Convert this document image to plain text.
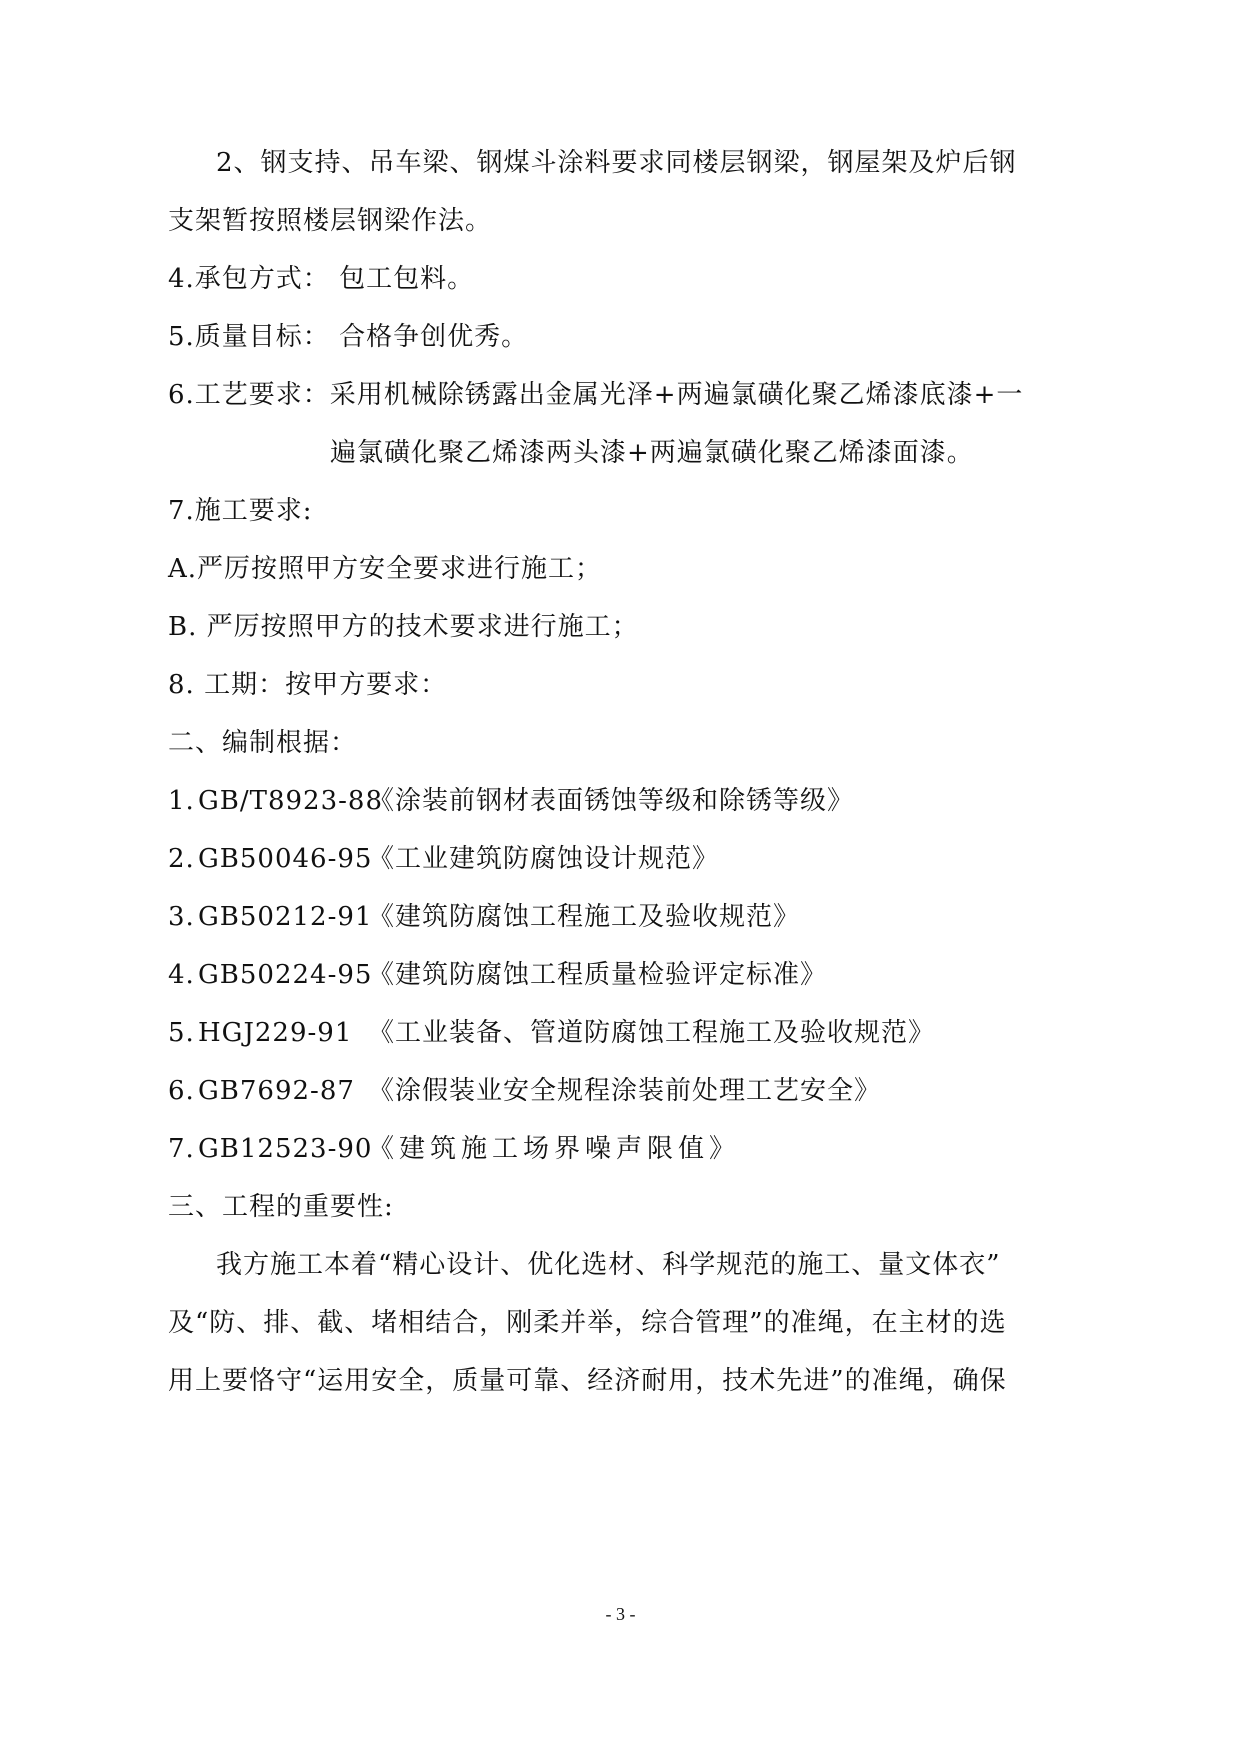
2、钢支持、吊车梁、钢煤斗涂料要求同楼层钢梁，钢屋架及炉后钢
支架暂按照楼层钢梁作法。
4.承包方式： 包工包料。
5.质量目标： 合格争创优秀。
6.工艺要求：采用机械除锈露出金属光泽+两遍氯磺化聚乙烯漆底漆+一
遍氯磺化聚乙烯漆两头漆+两遍氯磺化聚乙烯漆面漆。
7.施工要求:
A.严厉按照甲方安全要求进行施工；
B. 严厉按照甲方的技术要求进行施工；
8. 工期：按甲方要求：
二、编制根据：
1. GB/T8923-88《涂装前钢材表面锈蚀等级和除锈等级》
2. GB50046-95《工业建筑防腐蚀设计规范》
3. GB50212-91《建筑防腐蚀工程施工及验收规范》
4. GB50224-95《建筑防腐蚀工程质量检验评定标准》
5. HGJ229-91 《工业装备、管道防腐蚀工程施工及验收规范》
6. GB7692-87 《涂假装业安全规程涂装前处理工艺安全》
7. GB12523-90《建筑施工场界噪声限值》
三、工程的重要性:
我方施工本着“精心设计、优化选材、科学规范的施工、量文体衣”
及“防、排、截、堵相结合，刚柔并举，综合管理”的准绳，在主材的选
用上要恪守“运用安全，质量可靠、经济耐用，技术先进”的准绳，确保
- 3 -
